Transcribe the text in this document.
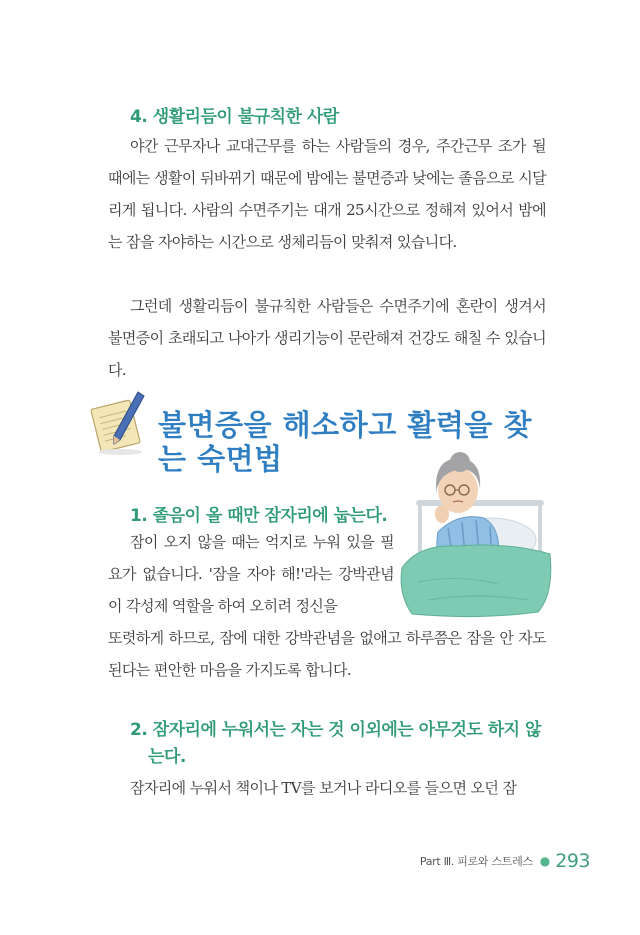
4. 생활리듬이 불규칙한 사람

야간 근무자나 교대근무를 하는 사람들의 경우, 주간근무 조가 될 때에는 생활이 뒤바뀌기 때문에 밤에는 불면증과 낮에는 졸음으로 시달리게 됩니다. 사람의 수면주기는 대개 25시간으로 정해져 있어서 밤에는 잠을 자야하는 시간으로 생체리듬이 맞춰져 있습니다.

그런데 생활리듬이 불규칙한 사람들은 수면주기에 혼란이 생겨서 불면증이 초래되고 나아가 생리기능이 문란해져 건강도 해칠 수 있습니다.

불면증을 해소하고 활력을 찾는 숙면법
1. 졸음이 올 때만 잠자리에 눕는다.

잠이 오지 않을 때는 억지로 누워 있을 필요가 없습니다. '잠을 자야 해!'라는 강박관념이 각성제 역할을 하여 오히려 정신을

또렷하게 하므로, 잠에 대한 강박관념을 없애고 하루쯤은 잠을 안 자도 된다는 편안한 마음을 가지도록 합니다.

2. 잠자리에 누워서는 자는 것 이외에는 아무것도 하지 않
는다.

잠자리에 누워서 책이나 TV를 보거나 라디오를 들으면 오던 잠

Part Ⅲ. 피로와 스트레스 ● 293
